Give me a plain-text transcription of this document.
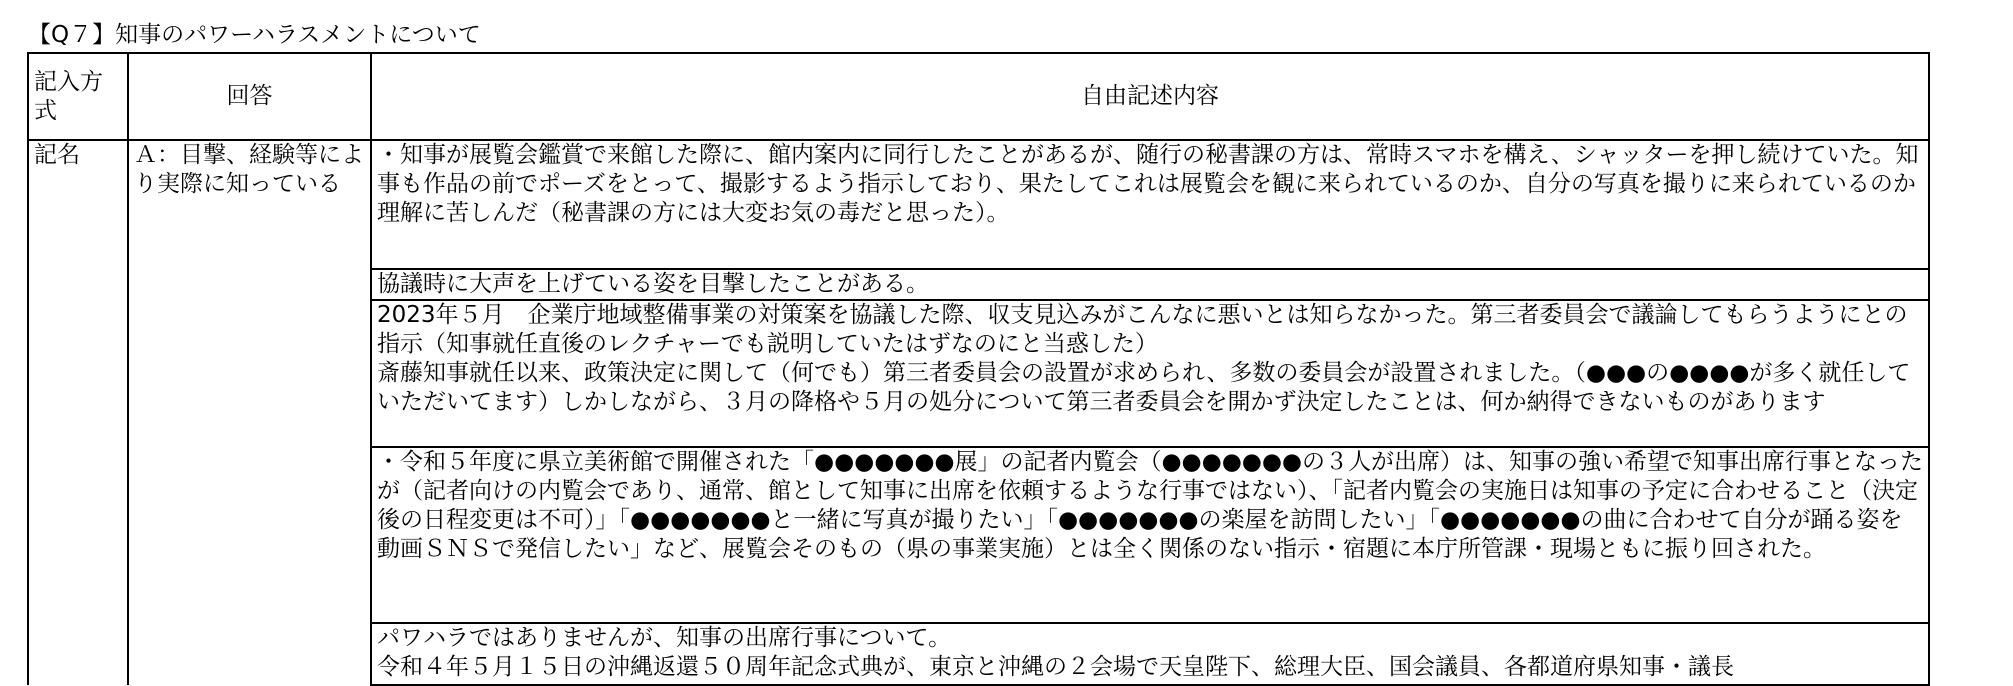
【Q７】知事のパワーハラスメントについて
記入方式	回答	自由記述内容

記名	Ａ：目撃、経験等により実際に知っている	・知事が展覧会鑑賞で来館した際に、館内案内に同行したことがあるが、随行の秘書課の方は、常時スマホを構え、シャッターを押し続けていた。知事も作品の前でポーズをとって、撮影するよう指示しており、果たしてこれは展覧会を観に来られているのか、自分の写真を撮りに来られているのか理解に苦しんだ（秘書課の方には大変お気の毒だと思った）。

		協議時に大声を上げている姿を目撃したことがある。

		2023年５月　企業庁地域整備事業の対策案を協議した際、収支見込みがこんなに悪いとは知らなかった。第三者委員会で議論してもらうようにとの指示（知事就任直後のレクチャーでも説明していたはずなのにと当惑した）
斎藤知事就任以来、政策決定に関して（何でも）第三者委員会の設置が求められ、多数の委員会が設置されました。（●●●の●●●●が多く就任していただいてます）しかしながら、３月の降格や５月の処分について第三者委員会を開かず決定したことは、何か納得できないものがあります

		・令和５年度に県立美術館で開催された「●●●●●●●展」の記者内覧会（●●●●●●●の３人が出席）は、知事の強い希望で知事出席行事となったが（記者向けの内覧会であり、通常、館として知事に出席を依頼するような行事ではない）、「記者内覧会の実施日は知事の予定に合わせること（決定後の日程変更は不可）」「●●●●●●●と一緒に写真が撮りたい」「●●●●●●●の楽屋を訪問したい」「●●●●●●●の曲に合わせて自分が踊る姿を動画ＳＮＳで発信したい」など、展覧会そのもの（県の事業実施）とは全く関係のない指示・宿題に本庁所管課・現場ともに振り回された。

		パワハラではありませんが、知事の出席行事について。
令和４年５月１５日の沖縄返還５０周年記念式典が、東京と沖縄の２会場で天皇陛下、総理大臣、国会議員、各都道府県知事・議長
